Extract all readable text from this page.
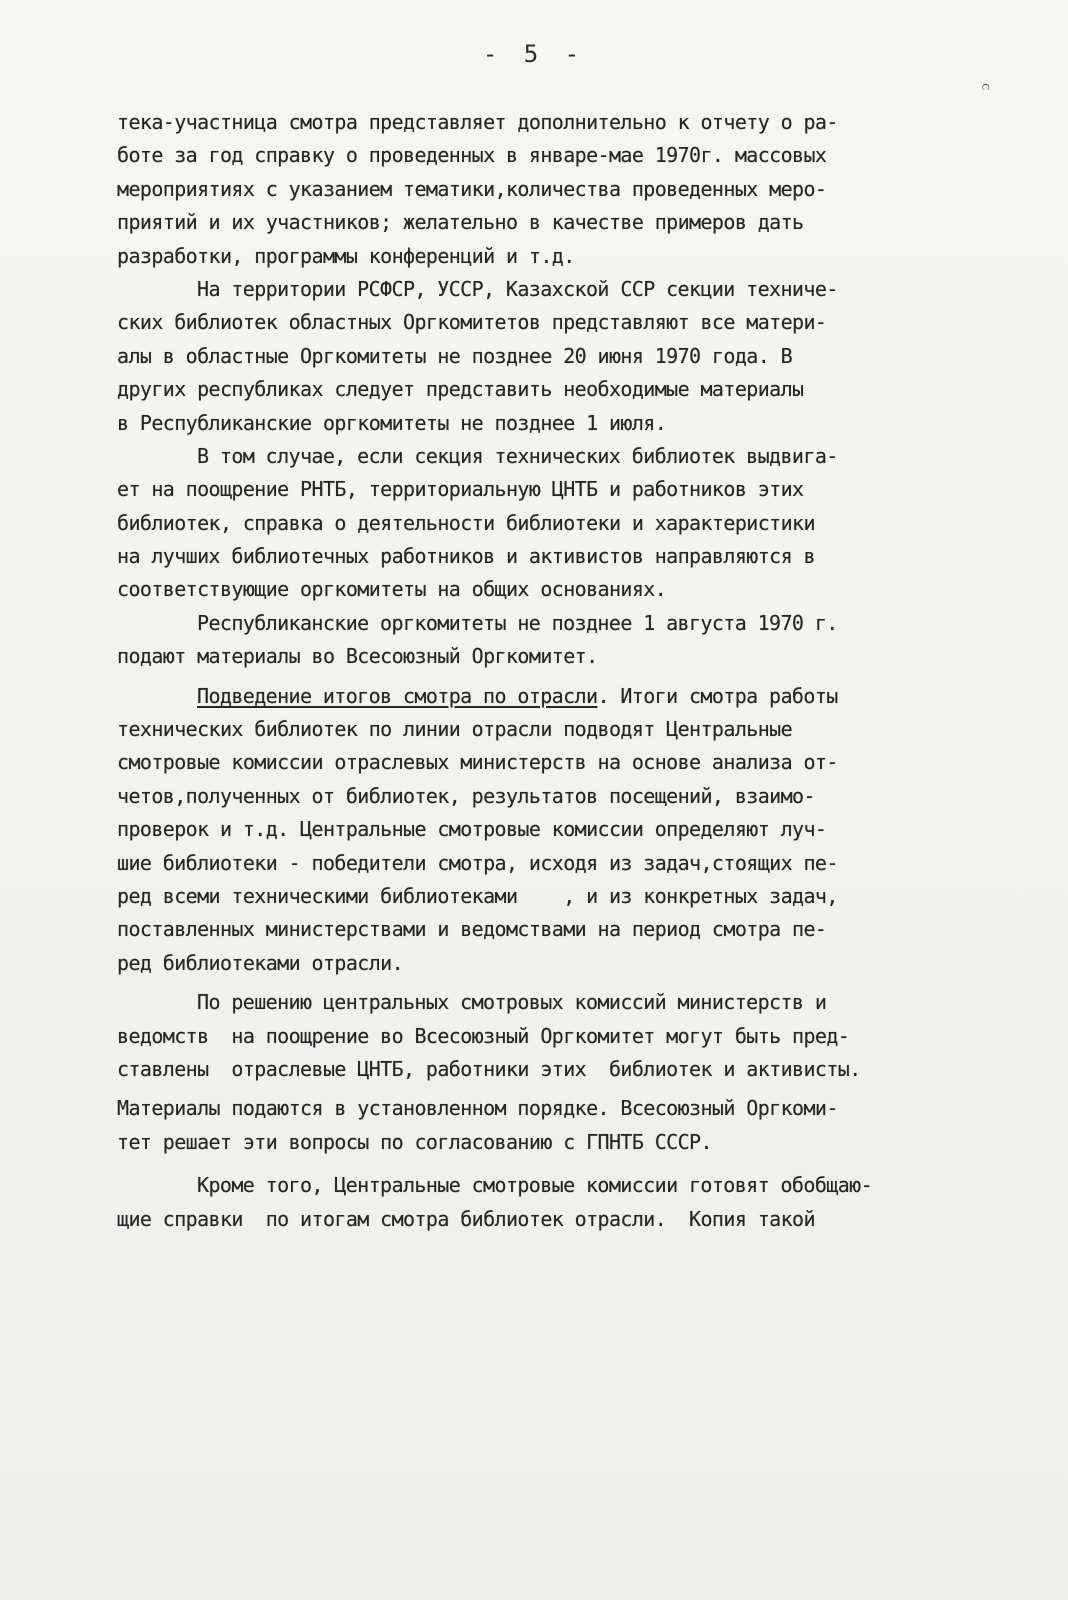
- 5 -
ᴒ
тека-участница смотра представляет дополнительно к отчету о ра-
боте за год справку о проведенных в январе-мае 1970г. массовых
мероприятиях с указанием тематики,количества проведенных меро-
приятий и их участников; желательно в качестве примеров дать
разработки, программы конференций и т.д.
На территории РСФСР, УССР, Казахской ССР секции техниче-
ских библиотек областных Оргкомитетов представляют все матери-
алы в областные Оргкомитеты не позднее 20 июня 1970 года. В
других республиках следует представить необходимые материалы
в Республиканские оргкомитеты не позднее 1 июля.
В том случае, если секция технических библиотек выдвига-
ет на поощрение РНТБ, территориальную ЦНТБ и работников этих
библиотек, справка о деятельности библиотеки и характеристики
на лучших библиотечных работников и активистов направляются в
соответствующие оргкомитеты на общих основаниях.
Республиканские оргкомитеты не позднее 1 августа 1970 г.
подают материалы во Всесоюзный Оргкомитет.
Подведение итогов смотра по отрасли. Итоги смотра работы
технических библиотек по линии отрасли подводят Центральные
смотровые комиссии отраслевых министерств на основе анализа от-
четов,полученных от библиотек, результатов посещений, взаимо-
проверок и т.д. Центральные смотровые комиссии определяют луч-
шие библиотеки - победители смотра, исходя из задач,стоящих пе-
ред всеми техническими библиотеками    , и из конкретных задач,
поставленных министерствами и ведомствами на период смотра пе-
ред библиотеками отрасли.
По решению центральных смотровых комиссий министерств и
ведомств  на поощрение во Всесоюзный Оргкомитет могут быть пред-
ставлены  отраслевые ЦНТБ, работники этих  библиотек и активисты.
Материалы подаются в установленном порядке. Всесоюзный Оргкоми-
тет решает эти вопросы по согласованию с ГПНТБ СССР.
Кроме того, Центральные смотровые комиссии готовят обобщаю-
щие справки  по итогам смотра библиотек отрасли.  Копия такой
